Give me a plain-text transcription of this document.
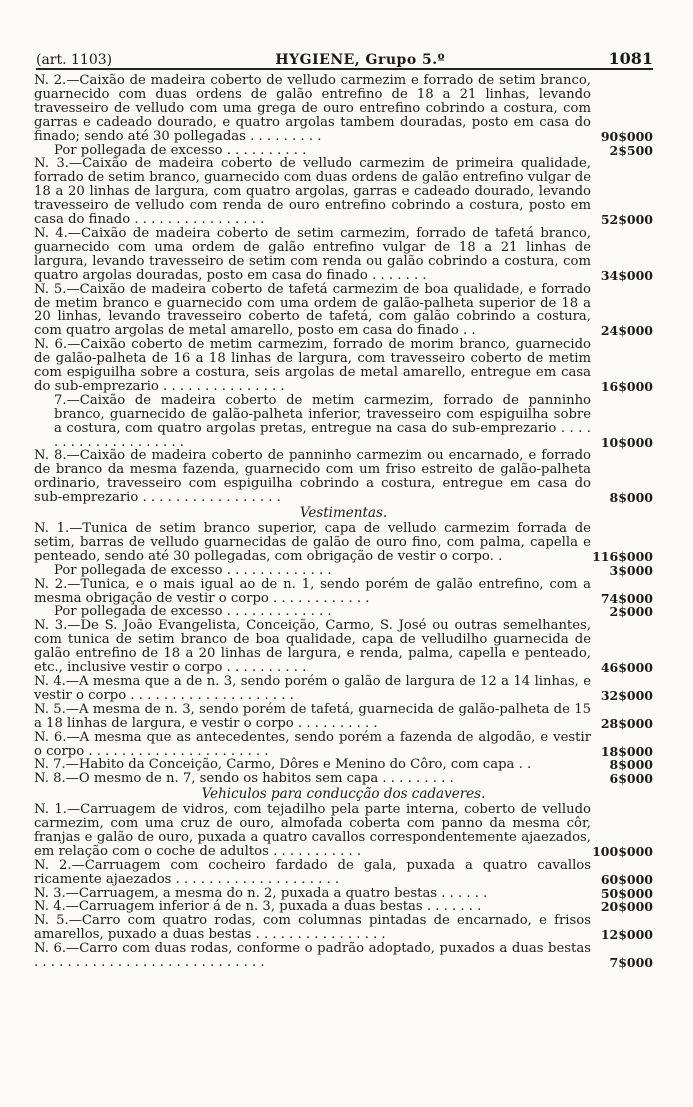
(art. 1103)	HYGIENE, Grupo 5.º	1081
N. 2.—Caixão de madeira coberto de velludo carmezim e forrado de setim branco, guarnecido com duas ordens de galão entrefino de 18 a 21 linhas, levando travesseiro de velludo com uma grega de ouro entrefino cobrindo a costura, com garras e cadeado dourado, e quatro argolas tambem douradas, posto em casa do finado; sendo até 30 pollegadas . . . . . . . . .	90$000
Por pollegada de excesso . . . . . . . . . .	2$500
N. 3.—Caixão de madeira coberto de velludo carmezim de primeira qualidade, forrado de setim branco, guarnecido com duas ordens de galão entrefino vulgar de 18 a 20 linhas de largura, com quatro argolas, garras e cadeado dourado, levando travesseiro de velludo com renda de ouro entrefino cobrindo a costura, posto em casa do finado . . . . . . . . . . . . . . . .	52$000
N. 4.—Caixão de madeira coberto de setim carmezim, forrado de tafetá branco, guarnecido com uma ordem de galão entrefino vulgar de 18 a 21 linhas de largura, levando travesseiro de setim com renda ou galão cobrindo a costura, com quatro argolas douradas, posto em casa do finado . . . . . . .	34$000
N. 5.—Caixão de madeira coberto de tafetá carmezim de boa qualidade, e forrado de metim branco e guarnecido com uma ordem de galão-palheta superior de 18 a 20 linhas, levando travesseiro coberto de tafetá, com galão cobrindo a costura, com quatro argolas de metal amarello, posto em casa do finado . .	24$000
N. 6.—Caixão coberto de metim carmezim, forrado de morim branco, guarnecido de galão-palheta de 16 a 18 linhas de largura, com travesseiro coberto de metim com espiguilha sobre a costura, seis argolas de metal amarello, entregue em casa do sub-emprezario . . . . . . . . . . . . . . .	16$000
7.—Caixão de madeira coberto de metim carmezim, forrado de panninho branco, guarnecido de galão-palheta inferior, travesseiro com espiguilha sobre a costura, com quatro argolas pretas, entregue na casa do sub-emprezario . . . . . . . . . . . . . . . . . . . .	10$000
N. 8.—Caixão de madeira coberto de panninho carmezim ou encarnado, e forrado de branco da mesma fazenda, guarnecido com um friso estreito de galão-palheta ordinario, travesseiro com espiguilha cobrindo a costura, entregue em casa do sub-emprezario . . . . . . . . . . . . . . . . .	8$000
Vestimentas.
N. 1.—Tunica de setim branco superior, capa de velludo carmezim forrada de setim, barras de velludo guarnecidas de galão de ouro fino, com palma, capella e penteado, sendo até 30 pollegadas, com obrigação de vestir o corpo. .	116$000
Por pollegada de excesso . . . . . . . . . . . . .	3$000
N. 2.—Tunica, e o mais igual ao de n. 1, sendo porém de galão entrefino, com a mesma obrigação de vestir o corpo . . . . . . . . . . . .	74$000
Por pollegada de excesso . . . . . . . . . . . . .	2$000
N. 3.—De S. João Evangelista, Conceição, Carmo, S. José ou outras semelhantes, com tunica de setim branco de boa qualidade, capa de velludilho guarnecida de galão entrefino de 18 a 20 linhas de largura, e renda, palma, capella e penteado, etc., inclusive vestir o corpo . . . . . . . . . .	46$000
N. 4.—A mesma que a de n. 3, sendo porém o galão de largura de 12 a 14 linhas, e vestir o corpo . . . . . . . . . . . . . . . . . . . .	32$000
N. 5.—A mesma de n. 3, sendo porém de tafetá, guarnecida de galão-palheta de 15 a 18 linhas de largura, e vestir o corpo . . . . . . . . . .	28$000
N. 6.—A mesma que as antecedentes, sendo porém a fazenda de algodão, e vestir o corpo . . . . . . . . . . . . . . . . . . . . . .	18$000
N. 7.—Habito da Conceição, Carmo, Dôres e Menino do Côro, com capa . .	8$000
N. 8.—O mesmo de n. 7, sendo os habitos sem capa . . . . . . . . .	6$000
Vehiculos para conducção dos cadaveres.
N. 1.—Carruagem de vidros, com tejadilho pela parte interna, coberto de velludo carmezim, com uma cruz de ouro, almofada coberta com panno da mesma côr, franjas e galão de ouro, puxada a quatro cavallos correspondentemente ajaezados, em relação com o coche de adultos . . . . . . . . . . .	100$000
N. 2.—Carruagem com cocheiro fardado de gala, puxada a quatro cavallos ricamente ajaezados . . . . . . . . . . . . . . . . . . . .	60$000
N. 3.—Carruagem, a mesma do n. 2, puxada a quatro bestas . . . . . .	50$000
N. 4.—Carruagem inferior á de n. 3, puxada a duas bestas . . . . . . .	20$000
N. 5.—Carro com quatro rodas, com columnas pintadas de encarnado, e frisos amarellos, puxado a duas bestas . . . . . . . . . . . . . . . .	12$000
N. 6.—Carro com duas rodas, conforme o padrão adoptado, puxados a duas bestas . . . . . . . . . . . . . . . . . . . . . . . . . . . .	7$000
